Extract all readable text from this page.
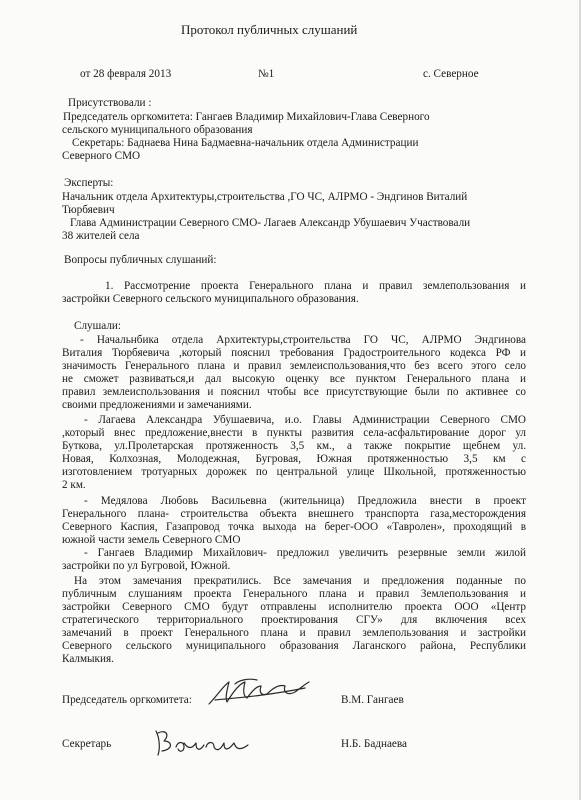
Протокол публичных слушаний
от 28 февраля 2013	№1	с. Северное
Присутствовали :
Председатель оргкомитета: Гангаев Владимир Михайлович-Глава Северного
сельского муниципального образования
Секретарь: Баднаева Нина Бадмаевна-начальник отдела Администрации
Северного СМО
Эксперты:
Начальник отдела Архитектуры,строительства ,ГО ЧС, АЛРМО - Эндгинов Виталий
Тюрбяевич
Глава Администрации Северного СМО- Лагаев Александр Убушаевич Участвовали
38 жителей села
Вопросы публичных слушаний:
1. Рассмотрение проекта Генерального плана и правил землепользования и
застройки Северного сельского муниципального образования.
Слушали:
- Начальнбика отдела Архитектуры,строительства ГО ЧС, АЛРМО Эндгинова
Виталия Тюрбяевича ,который пояснил требования Градостроительного кодекса РФ и
значимость Генерального плана и правил землеиспользования,что без всего этого село
не сможет развиваться,и дал высокую оценку все пунктом Генерального плана и
правил землеиспользования и пояснил чтобы все присутствующие были по активнее со
своими предложениями и замечаниями.
- Лагаева Александра Убушаевича, и.о. Главы Администрации Северного СМО
,который внес предложение,внести в пункты развития села-асфальтирование дорог ул
Буткова, ул.Пролетарская протяженность 3,5 км., а также покрытие щебнем ул.
Новая, Колхозная, Молодежная, Бугровая, Южная протяженностью 3,5 км с
изготовлением тротуарных дорожек по центральной улице Школьной, протяженностью
2 км.
- Медялова Любовь Васильевна (жительница) Предложила внести в проект
Генерального плана- строительства объекта внешнего транспорта газа,месторождения
Северного Каспия, Газапровод точка выхода на берег-ООО «Тавролен», проходящий в
южной части земель Северного СМО
- Гангаев Владимир Михайлович- предложил увеличить резервные земли жилой
застройки по ул Бугровой, Южной.
На этом замечания прекратились. Все замечания и предложения поданные по
публичным слушаниям проекта Генерального плана и правил Землепользования и
застройки Северного СМО будут отправлены исполнителю проекта ООО «Центр
стратегического территориального проектирования СГУ» для включения всех
замечаний в проект Генерального плана и правил землепользования и застройки
Северного сельского муниципального образования Лаганского района, Республики
Калмыкия.
Председатель оргкомитета:	В.М. Гангаев
Секретарь	Н.Б. Баднаева
